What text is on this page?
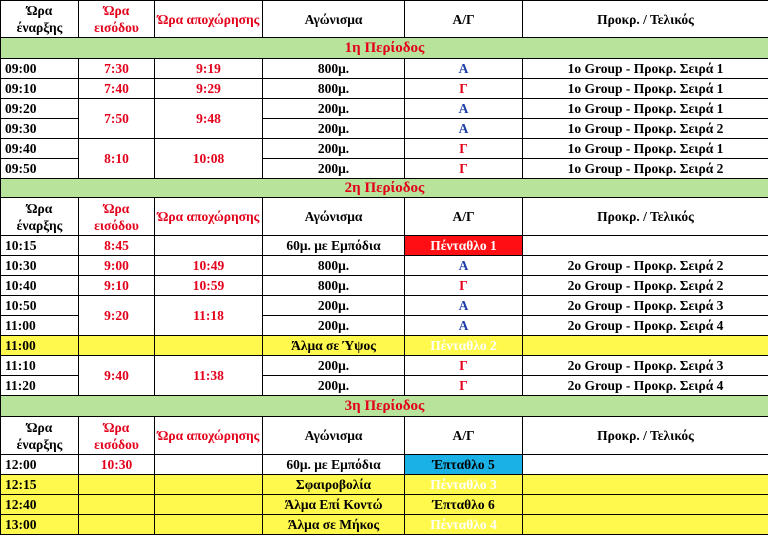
Ώρα έναρξης	Ώρα εισόδου	Ώρα αποχώρησης	Αγώνισμα	Α/Γ	Προκρ. / Τελικός
1η Περίοδος					
09:00	7:30	9:19	800μ.	Α	1ο Group - Προκρ. Σειρά 1
09:10	7:40	9:29	800μ.	Γ	1ο Group - Προκρ. Σειρά 1
09:20	7:50	9:48	200μ.	Α	1ο Group - Προκρ. Σειρά 1
09:30			200μ.	Α	1ο Group - Προκρ. Σειρά 2
09:40	8:10	10:08	200μ.	Γ	1ο Group - Προκρ. Σειρά 1
09:50			200μ.	Γ	1ο Group - Προκρ. Σειρά 2
2η Περίοδος					
Ώρα έναρξης	Ώρα εισόδου	Ώρα αποχώρησης	Αγώνισμα	Α/Γ	Προκρ. / Τελικός
10:15	8:45		60μ. με Εμπόδια	Πένταθλο 1	
10:30	9:00	10:49	800μ.	Α	2ο Group - Προκρ. Σειρά 2
10:40	9:10	10:59	800μ.	Γ	2ο Group - Προκρ. Σειρά 2
10:50	9:20	11:18	200μ.	Α	2ο Group - Προκρ. Σειρά 3
11:00			200μ.	Α	2ο Group - Προκρ. Σειρά 4
11:00			Άλμα σε Ύψος	Πένταθλο 2	
11:10	9:40	11:38	200μ.	Γ	2ο Group - Προκρ. Σειρά 3
11:20			200μ.	Γ	2ο Group - Προκρ. Σειρά 4
3η Περίοδος					
Ώρα έναρξης	Ώρα εισόδου	Ώρα αποχώρησης	Αγώνισμα	Α/Γ	Προκρ. / Τελικός
12:00	10:30		60μ. με Εμπόδια	Έπταθλο 5	
12:15			Σφαιροβολία	Πένταθλο 3	
12:40			Άλμα Επί Κοντώ	Έπταθλο 6	
13:00			Άλμα σε Μήκος	Πένταθλο 4	
